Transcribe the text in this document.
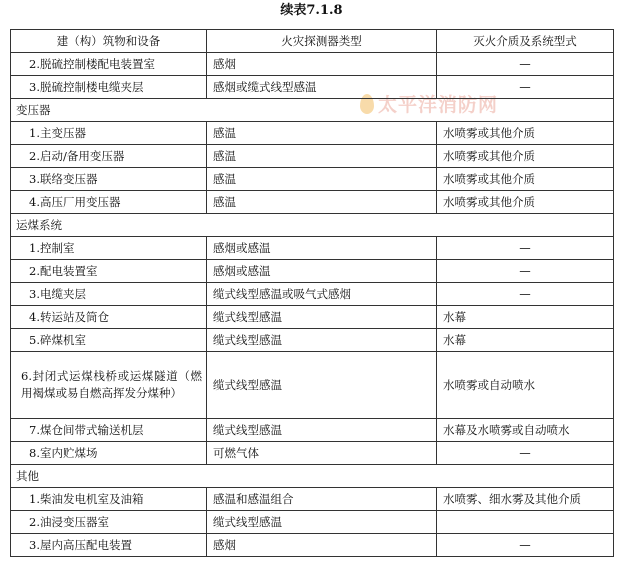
续表7.1.8
太平洋消防网
建（构）筑物和设备	火灾探测器类型	灭火介质及系统型式
2.脱硫控制楼配电装置室	感烟	—
3.脱硫控制楼电缆夹层	感烟或缆式线型感温	—
变压器		
1.主变压器	感温	水喷雾或其他介质
2.启动/备用变压器	感温	水喷雾或其他介质
3.联络变压器	感温	水喷雾或其他介质
4.高压厂用变压器	感温	水喷雾或其他介质
运煤系统		
1.控制室	感烟或感温	—
2.配电装置室	感烟或感温	—
3.电缆夹层	缆式线型感温或吸气式感烟	—
4.转运站及筒仓	缆式线型感温	水幕
5.碎煤机室	缆式线型感温	水幕
6.封闭式运煤栈桥或运煤隧道（燃用褐煤或易自燃高挥发分煤种）	缆式线型感温	水喷雾或自动喷水
7.煤仓间带式输送机层	缆式线型感温	水幕及水喷雾或自动喷水
8.室内贮煤场	可燃气体	—
其他		
1.柴油发电机室及油箱	感温和感温组合	水喷雾、细水雾及其他介质
2.油浸变压器室	缆式线型感温	
3.屋内高压配电装置	感烟	—
